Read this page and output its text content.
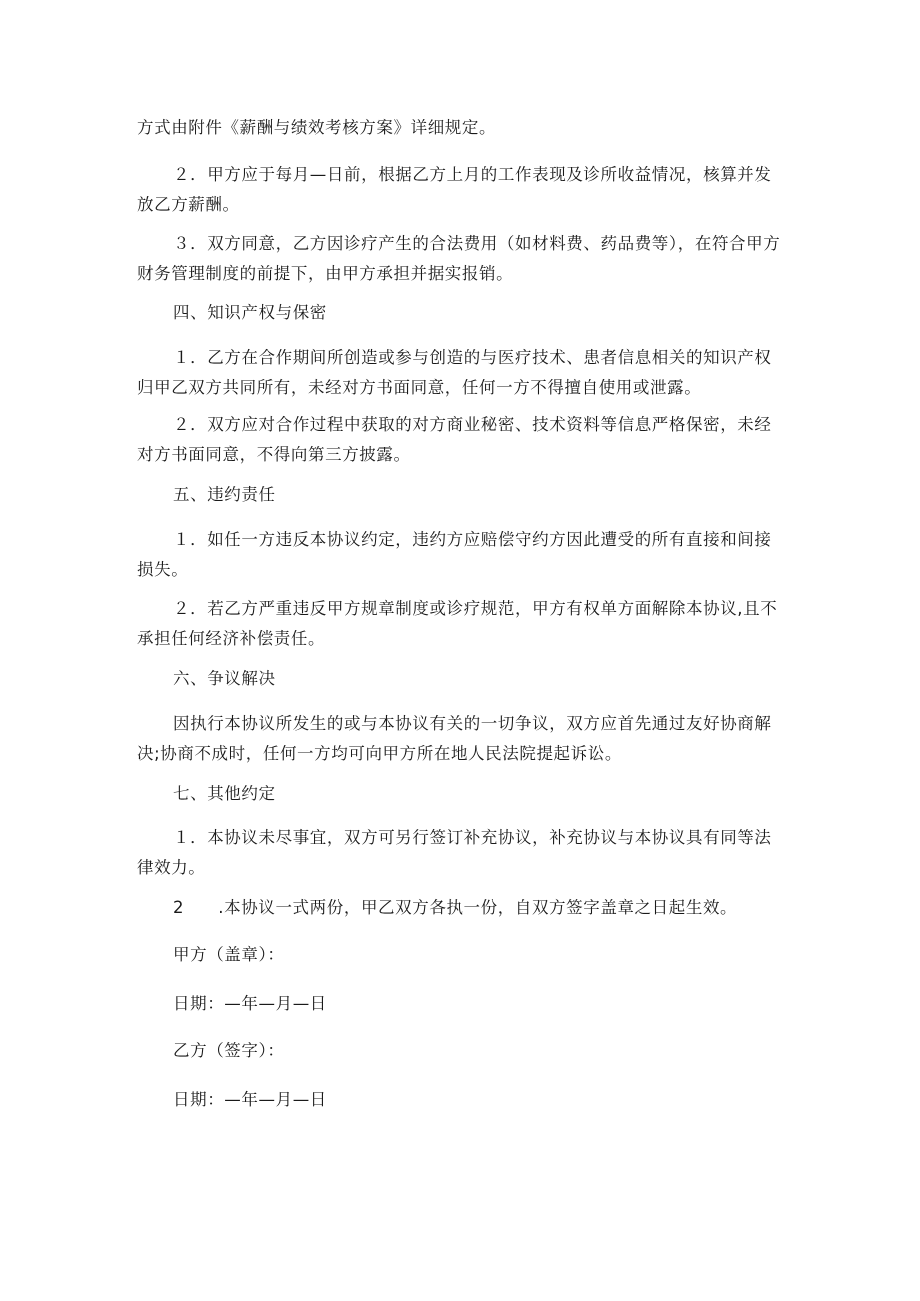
方式由附件《薪酬与绩效考核方案》详细规定。

２．甲方应于每月—日前，根据乙方上月的工作表现及诊所收益情况，核算并发放乙方薪酬。

３．双方同意，乙方因诊疗产生的合法费用（如材料费、药品费等），在符合甲方财务管理制度的前提下，由甲方承担并据实报销。

四、知识产权与保密

１．乙方在合作期间所创造或参与创造的与医疗技术、患者信息相关的知识产权归甲乙双方共同所有，未经对方书面同意，任何一方不得擅自使用或泄露。

２．双方应对合作过程中获取的对方商业秘密、技术资料等信息严格保密，未经对方书面同意，不得向第三方披露。

五、违约责任

１．如任一方违反本协议约定，违约方应赔偿守约方因此遭受的所有直接和间接损失。

２．若乙方严重违反甲方规章制度或诊疗规范，甲方有权单方面解除本协议,且不承担任何经济补偿责任。

六、争议解决

因执行本协议所发生的或与本协议有关的一切争议，双方应首先通过友好协商解决;协商不成时，任何一方均可向甲方所在地人民法院提起诉讼。

七、其他约定

１．本协议未尽事宜，双方可另行签订补充协议，补充协议与本协议具有同等法律效力。

2　　.本协议一式两份，甲乙双方各执一份，自双方签字盖章之日起生效。

甲方（盖章）：

日期：—年—月—日

乙方（签字）：

日期：—年—月—日
